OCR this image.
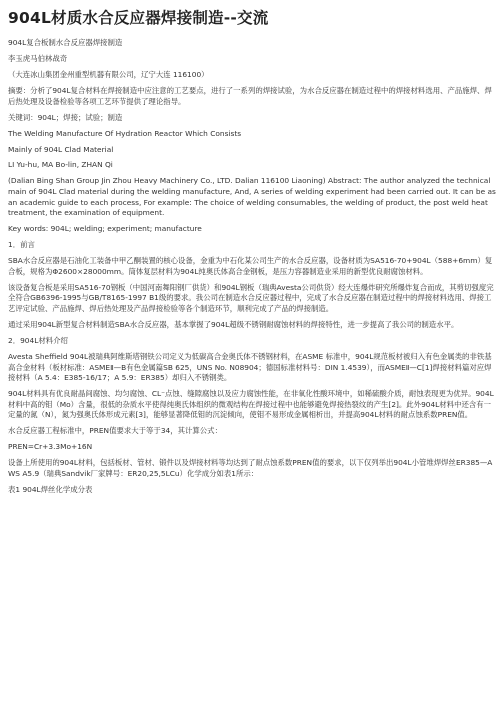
904L材质水合反应器焊接制造--交流
904L复合板制水合反应器焊接制造
李玉虎马伯林战奇
（大连冰山集团金州重型机器有限公司，辽宁大连 116100）
摘要：分析了904L复合材料在焊接制造中应注意的工艺要点，进行了一系列的焊接试验，为水合反应器在制造过程中的焊接材料选用、产品施焊、焊后热处理及设备检验等各项工艺环节提供了理论指导。
关键词：904L；焊接；试验；制造
The Welding Manufacture Of Hydration Reactor Which Consists
Mainly of 904L Clad Material
LI Yu-hu, MA Bo-lin, ZHAN Qi
(Dalian Bing Shan Group Jin Zhou Heavy Machinery Co., LTD. Dalian 116100 Liaoning) Abstract: The author analyzed the technical main of 904L Clad material during the welding manufacture, And, A series of welding experiment had been carried out. It can be as an academic guide to each process, For example: The choice of welding consumables, the welding of product, the post weld heat treatment, the examination of equipment.
Key words: 904L; welding; experiment; manufacture
1．前言
SBA水合反应器是石油化工装备中甲乙酮装置的核心设备，金重为中石化某公司生产的水合反应器，设备材质为SA516-70+904L（588+6mm）复合板，规格为Φ2600×28000mm。筒体复层材料为904L纯奥氏体高合金钢板，是压力容器制造业采用的新型优良耐腐蚀材料。
该设备复合板是采用SA516-70钢板（中国河南舞阳钢厂供货）和904L钢板（瑞典Avesta公司供货）经大连爆炸研究所爆炸复合而成，其剪切强度完全符合GB6396-1995与GB/T8165-1997 B1级的要求。我公司在制造水合反应器过程中，完成了水合反应器在制造过程中的焊接材料选用、焊接工艺评定试验、产品施焊、焊后热处理及产品焊接检验等各个制造环节，顺利完成了产品的焊接制造。
通过采用904L新型复合材料制造SBA水合反应器，基本掌握了904L超级不锈钢耐腐蚀材料的焊接特性，进一步提高了我公司的制造水平。
2．904L材料介绍
Avesta Sheffield 904L被瑞典阿维斯塔钢铁公司定义为低碳高合金奥氏体不锈钢材料，在ASME 标准中，904L规范板材被归入有色金属类的非铁基高合金材料（板材标准：ASMEⅡ—B有色金属篇SB 625，UNS No. N08904；德国标准材料号：DIN 1.4539），而ASMEⅡ—C[1]焊接材料篇对应焊接材料（A 5.4：E385-16/17；A 5.9：ER385）却归入不锈钢类。
904L材料具有优良耐晶间腐蚀、均匀腐蚀、CL⁻点蚀、缝隙腐蚀以及应力腐蚀性能，在非氧化性酸环境中，如稀硫酸介质，耐蚀表现更为优异。904L材料中高的钼（Mo）含量，很低的杂质水平使得纯奥氏体组织的微观结构在焊接过程中也能够避免焊接热裂纹的产生[2]。此外904L材料中还含有一定量的氮（N），氮为强奥氏体形成元素[3]，能够显著降低钼的沉淀倾向，使钼不易形成金属相析出，并提高904L材料的耐点蚀系数PREN值。
水合反应器工程标准中，PREN值要求大于等于34，其计算公式：
PREN=Cr+3.3Mo+16N
设备上所使用的904L材料，包括板材、管材、锻件以及焊接材料等均达到了耐点蚀系数PREN值的要求，以下仅列举出904L小管堆焊焊丝ER385—AWS A5.9（瑞典Sandvik厂家牌号：ER20,25,5LCu）化学成分如表1所示：
表1 904L焊丝化学成分表
